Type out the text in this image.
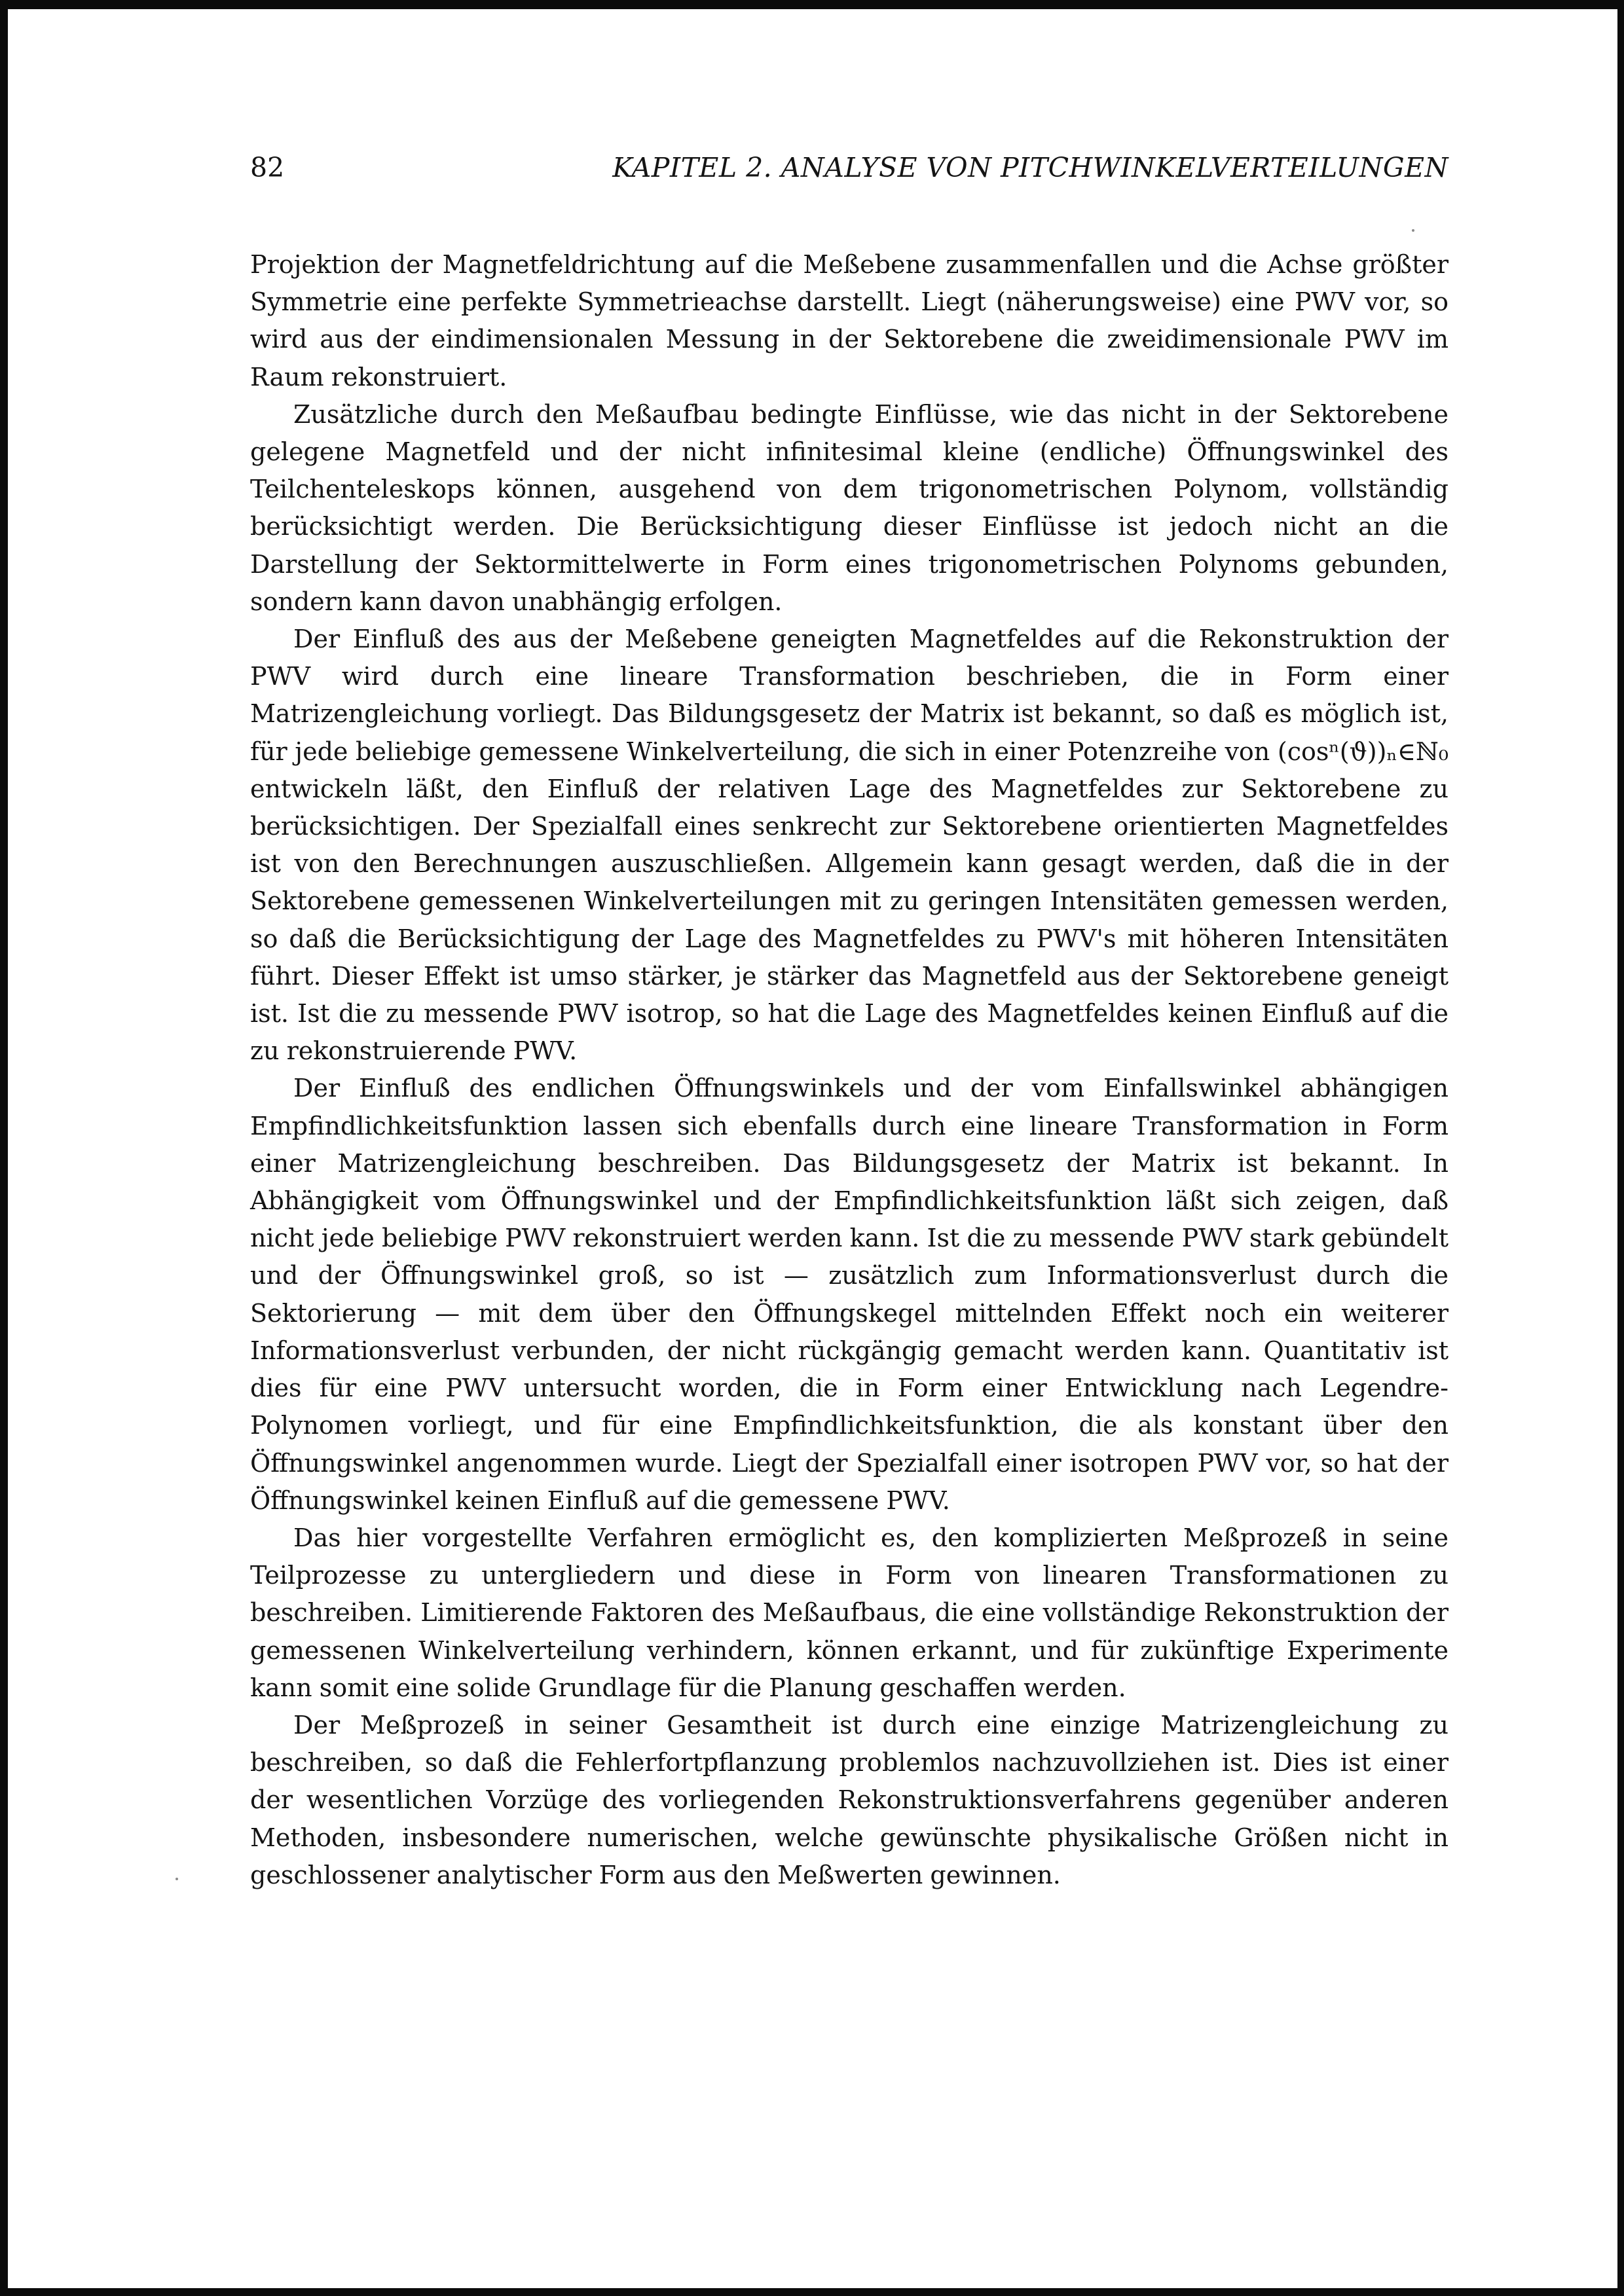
82	KAPITEL 2. ANALYSE VON PITCHWINKELVERTEILUNGEN

Projektion der Magnetfeldrichtung auf die Meßebene zusammenfallen und die Achse größter Symmetrie eine perfekte Symmetrieachse darstellt. Liegt (näherungsweise) eine PWV vor, so wird aus der eindimensionalen Messung in der Sektorebene die zweidimensionale PWV im Raum rekonstruiert.

Zusätzliche durch den Meßaufbau bedingte Einflüsse, wie das nicht in der Sektorebene gelegene Magnetfeld und der nicht infinitesimal kleine (endliche) Öffnungswinkel des Teilchenteleskops können, ausgehend von dem trigonometrischen Polynom, vollständig berücksichtigt werden. Die Berücksichtigung dieser Einflüsse ist jedoch nicht an die Darstellung der Sektormittelwerte in Form eines trigonometrischen Polynoms gebunden, sondern kann davon unabhängig erfolgen.

Der Einfluß des aus der Meßebene geneigten Magnetfeldes auf die Rekonstruktion der PWV wird durch eine lineare Transformation beschrieben, die in Form einer Matrizengleichung vorliegt. Das Bildungsgesetz der Matrix ist bekannt, so daß es möglich ist, für jede beliebige gemessene Winkelverteilung, die sich in einer Potenzreihe von (cosⁿ(ϑ))ₙ∈ℕ₀ entwickeln läßt, den Einfluß der relativen Lage des Magnetfeldes zur Sektorebene zu berücksichtigen. Der Spezialfall eines senkrecht zur Sektorebene orientierten Magnetfeldes ist von den Berechnungen auszuschließen. Allgemein kann gesagt werden, daß die in der Sektorebene gemessenen Winkelverteilungen mit zu geringen Intensitäten gemessen werden, so daß die Berücksichtigung der Lage des Magnetfeldes zu PWV's mit höheren Intensitäten führt. Dieser Effekt ist umso stärker, je stärker das Magnetfeld aus der Sektorebene geneigt ist. Ist die zu messende PWV isotrop, so hat die Lage des Magnetfeldes keinen Einfluß auf die zu rekonstruierende PWV.

Der Einfluß des endlichen Öffnungswinkels und der vom Einfallswinkel abhängigen Empfindlichkeitsfunktion lassen sich ebenfalls durch eine lineare Transformation in Form einer Matrizengleichung beschreiben. Das Bildungsgesetz der Matrix ist bekannt. In Abhängigkeit vom Öffnungswinkel und der Empfindlichkeitsfunktion läßt sich zeigen, daß nicht jede beliebige PWV rekonstruiert werden kann. Ist die zu messende PWV stark gebündelt und der Öffnungswinkel groß, so ist — zusätzlich zum Informationsverlust durch die Sektorierung — mit dem über den Öffnungskegel mittelnden Effekt noch ein weiterer Informationsverlust verbunden, der nicht rückgängig gemacht werden kann. Quantitativ ist dies für eine PWV untersucht worden, die in Form einer Entwicklung nach Legendre-Polynomen vorliegt, und für eine Empfindlichkeitsfunktion, die als konstant über den Öffnungswinkel angenommen wurde. Liegt der Spezialfall einer isotropen PWV vor, so hat der Öffnungswinkel keinen Einfluß auf die gemessene PWV.

Das hier vorgestellte Verfahren ermöglicht es, den komplizierten Meßprozeß in seine Teilprozesse zu untergliedern und diese in Form von linearen Transformationen zu beschreiben. Limitierende Faktoren des Meßaufbaus, die eine vollständige Rekonstruktion der gemessenen Winkelverteilung verhindern, können erkannt, und für zukünftige Experimente kann somit eine solide Grundlage für die Planung geschaffen werden.

Der Meßprozeß in seiner Gesamtheit ist durch eine einzige Matrizengleichung zu beschreiben, so daß die Fehlerfortpflanzung problemlos nachzuvollziehen ist. Dies ist einer der wesentlichen Vorzüge des vorliegenden Rekonstruktionsverfahrens gegenüber anderen Methoden, insbesondere numerischen, welche gewünschte physikalische Größen nicht in geschlossener analytischer Form aus den Meßwerten gewinnen.
